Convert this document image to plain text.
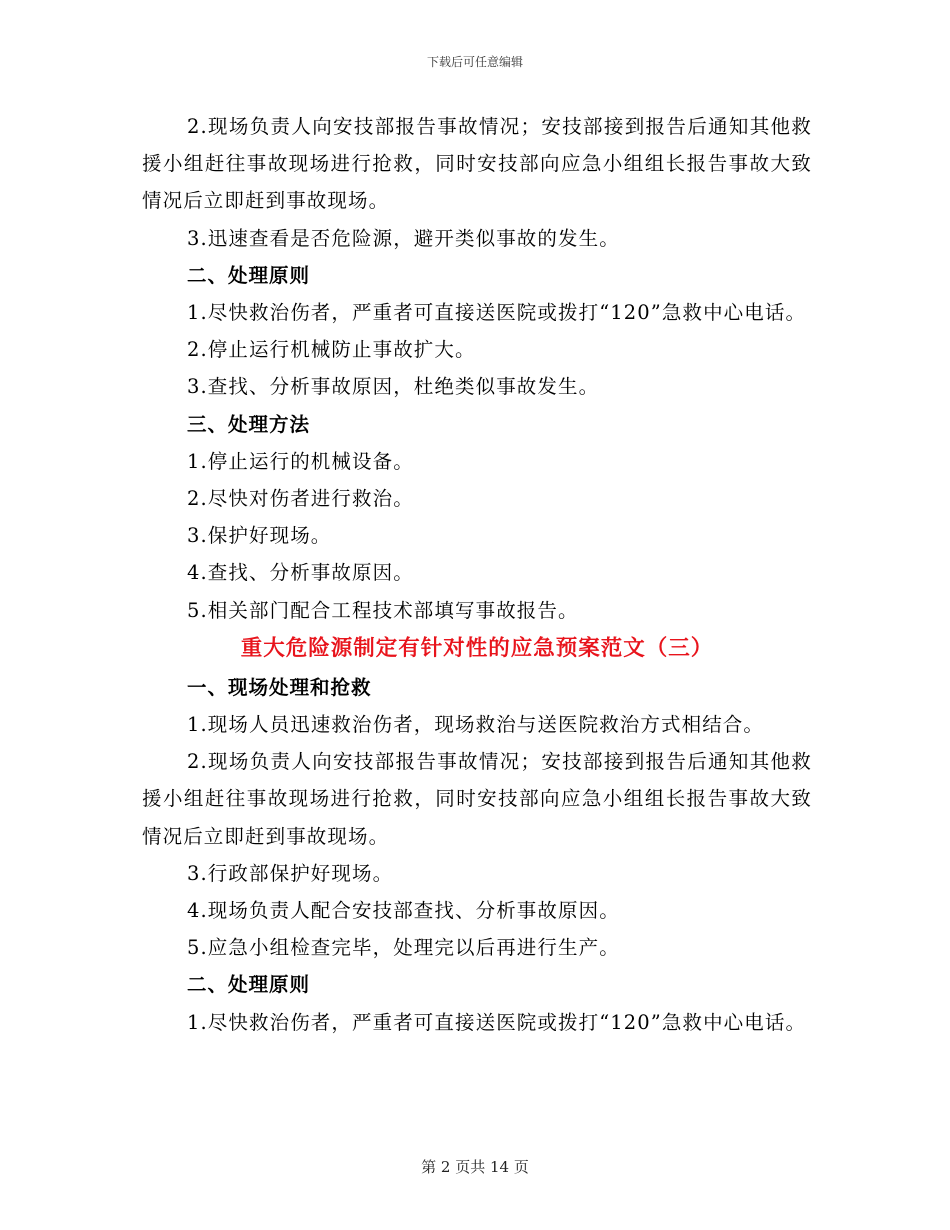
下载后可任意编辑

2.现场负责人向安技部报告事故情况；安技部接到报告后通知其他救援小组赶往事故现场进行抢救，同时安技部向应急小组组长报告事故大致情况后立即赶到事故现场。

3.迅速查看是否危险源，避开类似事故的发生。

二、处理原则

1.尽快救治伤者，严重者可直接送医院或拨打“120”急救中心电话。

2.停止运行机械防止事故扩大。

3.查找、分析事故原因，杜绝类似事故发生。

三、处理方法

1.停止运行的机械设备。

2.尽快对伤者进行救治。

3.保护好现场。

4.查找、分析事故原因。

5.相关部门配合工程技术部填写事故报告。

重大危险源制定有针对性的应急预案范文（三）

一、现场处理和抢救

1.现场人员迅速救治伤者，现场救治与送医院救治方式相结合。

2.现场负责人向安技部报告事故情况；安技部接到报告后通知其他救援小组赶往事故现场进行抢救，同时安技部向应急小组组长报告事故大致情况后立即赶到事故现场。

3.行政部保护好现场。

4.现场负责人配合安技部查找、分析事故原因。

5.应急小组检查完毕，处理完以后再进行生产。

二、处理原则

1.尽快救治伤者，严重者可直接送医院或拨打“120”急救中心电话。

第 2 页共 14 页
